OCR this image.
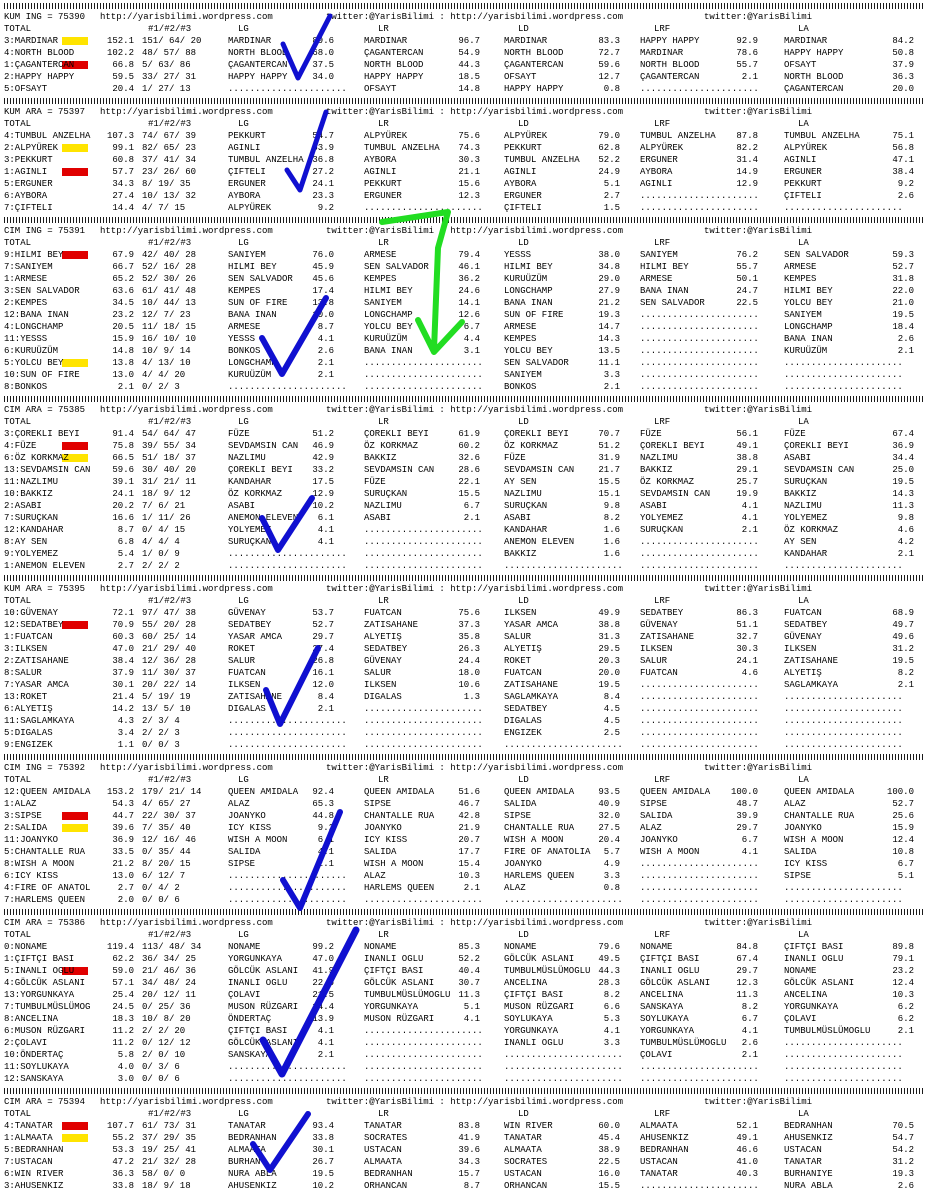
KUM ING = 75390	http://yarisbilimi.wordpress.com	twitter:@YarisBilimi : http://yarisbilimi.wordpress.com	twitter:@YarisBilimi
TOTAL	#1/#2/#3	LG	LR	LD	LRF	LA
3:MARDINAR	152.1 151/ 64/ 20	MARDINAR	89.6	MARDINAR	96.7	MARDINAR	83.3 HAPPY HAPPY	92.9	MARDINAR	84.2
4:NORTH BLOOD	102.2 48/ 57/ 88	NORTH BLOOD	68.0	ÇAGANTERCAN	54.9	NORTH BLOOD	72.7 MARDINAR	78.6	HAPPY HAPPY	50.8
1:ÇAGANTERCAN	66.8 5/ 63/ 86	ÇAGANTERCAN	37.5	NORTH BLOOD	44.3	ÇAGANTERCAN	59.6 NORTH BLOOD	55.7	OFSAYT	37.9
2:HAPPY HAPPY	59.5 33/ 27/ 31	HAPPY HAPPY	34.0	HAPPY HAPPY	18.5	OFSAYT	12.7 ÇAGANTERCAN	2.1	NORTH BLOOD	36.3
5:OFSAYT	20.4 1/ 27/ 13	...................... OFSAYT	14.8	HAPPY HAPPY	0.8 ......................	ÇAGANTERCAN	20.0
KUM ARA = 75397	http://yarisbilimi.wordpress.com	twitter:@YarisBilimi : http://yarisbilimi.wordpress.com	twitter:@YarisBilimi
TOTAL	#1/#2/#3	LG	LR	LD	LRF	LA
4:TUMBUL ANZELHA	107.3 74/ 67/ 39	PEKKURT	54.7	ALPYÜREK	75.6	ALPYÜREK	79.0 TUMBUL ANZELHA	87.8	TUMBUL ANZELHA	75.1
2:ALPYÜREK	99.1 82/ 65/ 23	AGINLI	53.9	TUMBUL ANZELHA	74.3	PEKKURT	62.8 ALPYÜREK	82.2	ALPYÜREK	56.8
3:PEKKURT	60.8 37/ 41/ 34	TUMBUL ANZELHA 36.8	AYBORA	30.3	TUMBUL ANZELHA	52.2 ERGUNER	31.4	AGINLI	47.1
1:AGINLI	57.7 23/ 26/ 60	ÇIFTELI	27.2	AGINLI	21.1	AGINLI	24.9 AYBORA	14.9	ERGUNER	38.4
5:ERGUNER	34.3 8/ 19/ 35	ERGUNER	24.1	PEKKURT	15.6	AYBORA	5.1 AGINLI	12.9	PEKKURT	9.2
6:AYBORA	27.4 10/ 13/ 32	AYBORA	23.3	ERGUNER	12.3	ERGUNER	2.7 ......................	ÇIFTELI	2.6
7:ÇIFTELI	14.4 4/ 7/ 15	ALPYÜREK	9.2	...................... ÇIFTELI	1.5 ......................	......................
CIM ING = 75391	http://yarisbilimi.wordpress.com	twitter:@YarisBilimi : http://yarisbilimi.wordpress.com	twitter:@YarisBilimi
TOTAL	#1/#2/#3	LG	LR	LD	LRF	LA
9:HILMI BEY	67.9 42/ 40/ 28	SANIYEM	76.0	ARMESE	79.4	YESSS	38.0 SANIYEM	76.2	SEN SALVADOR	59.3
7:SANIYEM	66.7 52/ 16/ 28	HILMI BEY	45.9	SEN SALVADOR	46.1	HILMI BEY	34.8 HILMI BEY	55.7	ARMESE	52.7
1:ARMESE	65.2 52/ 30/ 26	SEN SALVADOR	45.6	KEMPES	36.2	KURUÜZÜM	29.0 ARMESE	50.1	KEMPES	31.8
3:SEN SALVADOR	63.6 61/ 41/ 48	KEMPES	17.4	HILMI BEY	24.6	LONGCHAMP	27.9 BANA INAN	24.7	HILMI BEY	22.0
2:KEMPES	34.5 10/ 44/ 13	SUN OF FIRE	13.8	SANIYEM	14.1	BANA INAN	21.2 SEN SALVADOR	22.5	YOLCU BEY	21.0
12:BANA INAN	23.2 12/ 7/ 23	BANA INAN	10.0	LONGCHAMP	12.6	SUN OF FIRE	19.3 ......................	SANIYEM	19.5
4:LONGCHAMP	20.5 11/ 18/ 15	ARMESE	8.7	YOLCU BEY	6.7	ARMESE	14.7 ......................	LONGCHAMP	18.4
11:YESSS	15.9 16/ 10/ 10	YESSS	4.1	KURUÜZÜM	4.4	KEMPES	14.3 ......................	BANA INAN	2.6
6:KURUÜZÜM	14.8 10/ 9/ 14	BONKOS	2.6	BANA INAN	3.1	YOLCU BEY	13.5 ......................	KURUÜZÜM	2.1
5:YOLCU BEY	13.8 4/ 13/ 10	LONGCHAMP	2.1	...................... SEN SALVADOR	11.1 ......................	......................
10:SUN OF FIRE	13.0 4/ 4/ 20	KURUÜZÜM	2.1	...................... SANIYEM	3.3 ......................	......................
8:BONKOS	2.1 0/ 2/ 3	...................... ...................... BONKOS	2.1 ......................	......................
CIM ARA = 75385	http://yarisbilimi.wordpress.com	twitter:@YarisBilimi : http://yarisbilimi.wordpress.com	twitter:@YarisBilimi
TOTAL	#1/#2/#3	LG	LR	LD	LRF	LA
3:ÇOREKLI BEYI	91.4 54/ 64/ 47	FÜZE	51.2	ÇOREKLI BEYI	61.9	ÇOREKLI BEYI	70.7 FÜZE	56.1	FÜZE	67.4
4:FÜZE	75.8 39/ 55/ 34	SEVDAMSIN CAN	46.9	ÖZ KORKMAZ	60.2	ÖZ KORKMAZ	51.2 ÇOREKLI BEYI	49.1	ÇOREKLI BEYI	36.9
6:ÖZ KORKMAZ	66.5 51/ 18/ 37	NAZLIMU	42.9	BAKKIZ	32.6	FÜZE	31.9 NAZLIMU	38.8	ASABI	34.4
13:SEVDAMSIN CAN	59.6 30/ 40/ 20	ÇOREKLI BEYI	33.2	SEVDAMSIN CAN	28.6	SEVDAMSIN CAN	21.7 BAKKIZ	29.1	SEVDAMSIN CAN	25.0
11:NAZLIMU	39.1 31/ 21/ 11	KANDAHAR	17.5	FÜZE	22.1	AY SEN	15.5 ÖZ KORKMAZ	25.7	SURUÇKAN	19.5
10:BAKKIZ	24.1 18/ 9/ 12	ÖZ KORKMAZ	12.9	SURUÇKAN	15.5	NAZLIMU	15.1 SEVDAMSIN CAN	19.9	BAKKIZ	14.3
2:ASABI	20.2 7/ 6/ 21	ASABI	10.2	NAZLIMU	6.7	SURUÇKAN	9.8 ASABI	4.1	NAZLIMU	11.3
7:SURUÇKAN	16.6 1/ 11/ 26	ANEMON ELEVEN	6.1	ASABI	2.1	ASABI	8.2 YOLYEMEZ	4.1	YOLYEMEZ	9.8
12:KANDAHAR	8.7 0/ 4/ 15	YOLYEMEZ	4.1	...................... KANDAHAR	1.6 SURUÇKAN	2.1	ÖZ KORKMAZ	4.6
8:AY SEN	6.8 4/ 4/ 4	SURUÇKAN	4.1	...................... ANEMON ELEVEN	1.6 ......................	AY SEN	4.2
9:YOLYEMEZ	5.4 1/ 0/ 9	...................... ...................... BAKKIZ	1.6 ......................	KANDAHAR	2.1
1:ANEMON ELEVEN	2.7 2/ 2/ 2	...................... ...................... ...................... ......................	......................
KUM ARA = 75395	http://yarisbilimi.wordpress.com	twitter:@YarisBilimi : http://yarisbilimi.wordpress.com	twitter:@YarisBilimi
TOTAL	#1/#2/#3	LG	LR	LD	LRF	LA
10:GÜVENAY	72.1 97/ 47/ 38	GÜVENAY	53.7	FUATCAN	75.6	ILKSEN	49.9 SEDATBEY	86.3	FUATCAN	68.9
12:SEDATBEY	70.9 55/ 20/ 28	SEDATBEY	52.7	ZATISAHANE	37.3	YASAR AMCA	38.8 GÜVENAY	51.1	SEDATBEY	49.7
1:FUATCAN	60.3 60/ 25/ 14	YASAR AMCA	29.7	ALYETIŞ	35.8	SALUR	31.3 ZATISAHANE	32.7	GÜVENAY	49.6
3:ILKSEN	47.0 21/ 29/ 40	ROKET	27.4	SEDATBEY	26.3	ALYETIŞ	29.5 ILKSEN	30.3	ILKSEN	31.2
2:ZATISAHANE	38.4 12/ 36/ 28	SALUR	26.8	GÜVENAY	24.4	ROKET	20.3 SALUR	24.1	ZATISAHANE	19.5
8:SALUR	37.9 11/ 30/ 37	FUATCAN	16.1	SALUR	18.0	FUATCAN	20.0 FUATCAN	4.6	ALYETIŞ	8.2
7:YASAR AMCA	30.1 20/ 22/ 14	ILKSEN	12.0	ILKSEN	10.6	ZATISAHANE	19.5 ......................	SAGLAMKAYA	2.1
13:ROKET	21.4 5/ 19/ 19	ZATISAHANE	8.4	DIGALAS	1.3	SAGLAMKAYA	8.4 ......................	......................
6:ALYETIŞ	14.2 13/ 5/ 10	DIGALAS	2.1	...................... SEDATBEY	4.5 ......................	......................
11:SAGLAMKAYA	4.3 2/ 3/ 4	...................... ...................... DIGALAS	4.5 ......................	......................
5:DIGALAS	3.4 2/ 2/ 3	...................... ...................... ENGIZEK	2.5 ......................	......................
9:ENGIZEK	1.1 0/ 0/ 3	...................... ...................... ...................... ......................	......................
CIM ING = 75392	http://yarisbilimi.wordpress.com	twitter:@YarisBilimi : http://yarisbilimi.wordpress.com	twitter:@YarisBilimi
TOTAL	#1/#2/#3	LG	LR	LD	LRF	LA
12:QUEEN AMIDALA	153.2 179/ 21/ 14	QUEEN AMIDALA	92.4	QUEEN AMIDALA	51.6	QUEEN AMIDALA	93.5 QUEEN AMIDALA	100.0	QUEEN AMIDALA	100.0
1:ALAZ	54.3 4/ 65/ 27	ALAZ	65.3	SIPSE	46.7	SALIDA	40.9 SIPSE	48.7	ALAZ	52.7
3:SIPSE	44.7 22/ 30/ 37	JOANYKO	44.8	CHANTALLE RUA	42.8	SIPSE	32.0 SALIDA	39.9	CHANTALLE RUA	25.6
2:SALIDA	39.6 7/ 35/ 40	ICY KISS	9.2	JOANYKO	21.9	CHANTALLE RUA	27.5 ALAZ	29.7	JOANYKO	15.9
11:JOANYKO	36.9 12/ 16/ 46	WISH A MOON	6.1	ICY KISS	20.7	WISH A MOON	20.4 JOANYKO	6.7	WISH A MOON	12.4
5:CHANTALLE RUA	33.5 0/ 35/ 44	SALIDA	4.1	SALIDA	17.7	FIRE OF ANATOLIA	5.7 WISH A MOON	4.1	SALIDA	10.8
8:WISH A MOON	21.2 8/ 20/ 15	SIPSE	2.1	WISH A MOON	15.4	JOANYKO	4.9 ......................	ICY KISS	6.7
6:ICY KISS	13.0 6/ 12/ 7	...................... ALAZ	10.3	HARLEMS QUEEN	3.3 ......................	SIPSE	5.1
4:FIRE OF ANATOL	2.7 0/ 4/ 2	...................... HARLEMS QUEEN	2.1	ALAZ	0.8 ......................	......................
7:HARLEMS QUEEN	2.0 0/ 0/ 6	...................... ...................... ...................... ......................	......................
CIM ARA = 75386	http://yarisbilimi.wordpress.com	twitter:@YarisBilimi : http://yarisbilimi.wordpress.com	twitter:@YarisBilimi
TOTAL	#1/#2/#3	LG	LR	LD	LRF	LA
0:NONAME	119.4 113/ 48/ 34	NONAME	99.2	NONAME	85.3	NONAME	79.6 NONAME	84.8	ÇIFTÇI BASI	89.8
1:ÇIFTÇI BASI	62.2 36/ 34/ 25	YORGUNKAYA	47.0	INANLI OGLU	52.2	GÖLCÜK ASLANI	49.5 ÇIFTÇI BASI	67.4	INANLI OGLU	79.1
5:INANLI OGLU	59.0 21/ 46/ 36	GÖLCÜK ASLANI	41.9	ÇIFTÇI BASI	40.4	TUMBULMÜSLÜMOGLU 44.3 INANLI OGLU	29.7	NONAME	23.2
4:GÖLCÜK ASLANI	57.1 34/ 48/ 24	INANLI OGLU	22.6	GÖLCÜK ASLANI	30.7	ANCELINA	28.3 GÖLCÜK ASLANI	12.3	GÖLCÜK ASLANI	12.4
13:YORGUNKAYA	25.4 20/ 12/ 11	ÇOLAVI	21.5	TUMBULMÜSLÜMOGLU 11.3	ÇIFTÇI BASI	8.2 ANCELINA	11.3	ANCELINA	10.3
7:TUMBULMÜSLÜMOG	24.5 0/ 25/ 36	MUSON RÜZGARI	14.4	YORGUNKAYA	5.1	MUSON RÜZGARI	6.6 SANSKAYA	8.2	YORGUNKAYA	6.2
8:ANCELINA	18.3 10/ 8/ 20	ÖNDERTAÇ	13.9	MUSON RÜZGARI	4.1	SOYLUKAYA	5.3 SOYLUKAYA	6.7	ÇOLAVI	6.2
6:MUSON RÜZGARI	11.2 2/ 2/ 20	ÇIFTÇI BASI	4.1	...................... YORGUNKAYA	4.1 YORGUNKAYA	4.1	TUMBULMÜSLÜMOGLU	2.1
2:ÇOLAVI	11.2 0/ 12/ 12	GÖLCÜK ASLANI	4.1	...................... INANLI OGLU	3.3 TUMBULMÜSLÜMOGLU	2.6	......................
10:ÖNDERTAÇ	5.8 2/ 0/ 10	SANSKAYA	2.1	...................... ...................... ÇOLAVI	2.1	......................
11:SOYLUKAYA	4.0 0/ 3/ 6	...................... ...................... ...................... ......................	......................
12:SANSKAYA	3.0 0/ 0/ 6	...................... ...................... ...................... ......................	......................
CIM ARA = 75394	http://yarisbilimi.wordpress.com	twitter:@YarisBilimi : http://yarisbilimi.wordpress.com	twitter:@YarisBilimi
TOTAL	#1/#2/#3	LG	LR	LD	LRF	LA
4:TANATAR	107.7 61/ 73/ 31	TANATAR	93.4	TANATAR	83.8	WIN RIVER	60.0 ALMAATA	52.1	BEDRANHAN	70.5
1:ALMAATA	55.2 37/ 29/ 35	BEDRANHAN	33.8	SOCRATES	41.9	TANATAR	45.4 AHUSENKIZ	49.1	AHUSENKIZ	54.7
5:BEDRANHAN	53.3 19/ 25/ 41	ALMAATA	30.1	USTACAN	39.6	ALMAATA	38.9 BEDRANHAN	46.6	USTACAN	54.2
7:USTACAN	47.2 21/ 32/ 28	BURHAN	26.7	ALMAATA	34.3	SOCRATES	22.5 USTACAN	41.0	TANATAR	31.2
6:WIN RIVER	36.3 58/ 0/ 0	NURA ABLA	19.5	BEDRANHAN	15.7	USTACAN	16.0 TANATAR	40.3	BURHANIYE	19.3
3:AHUSENKIZ	33.8 18/ 9/ 18	AHUSENKIZ	10.2	ORHANCAN	8.7	ORHANCAN	15.5 ......................	NURA ABLA	2.6
